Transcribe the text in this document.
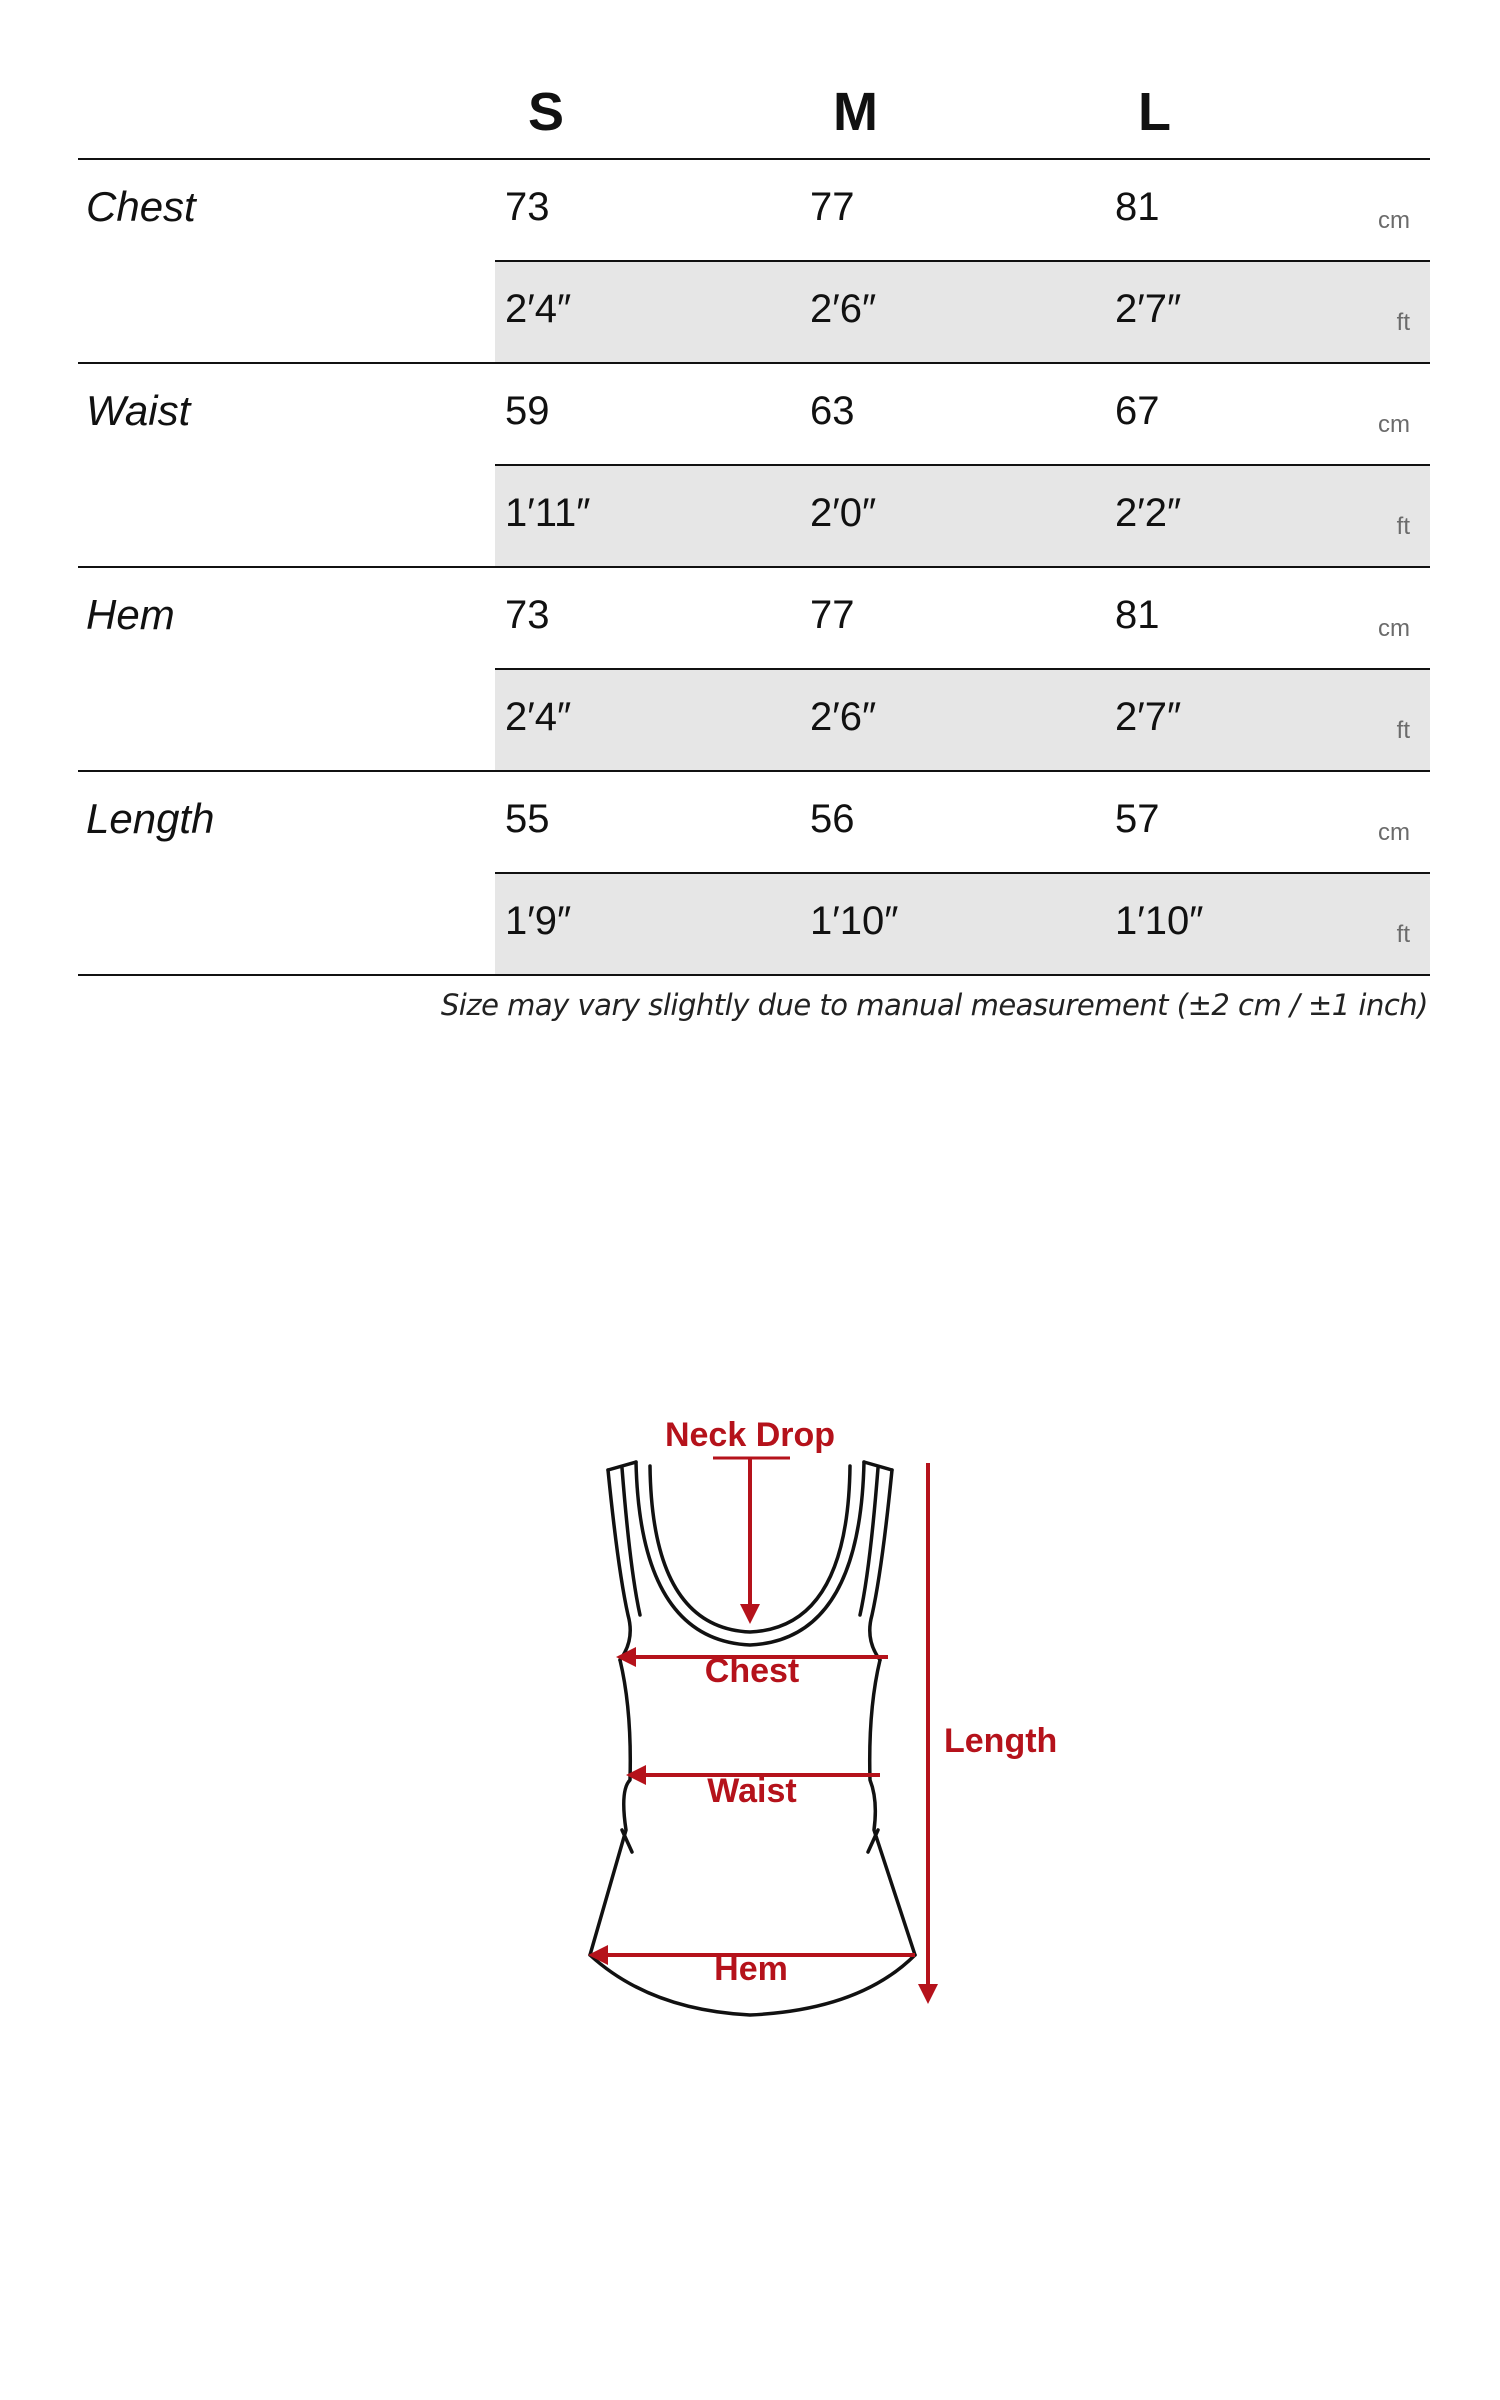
S	M	L
Chest	73	77	81	cm
2′4″	2′6″	2′7″	ft
Waist	59	63	67	cm
1′11″	2′0″	2′2″	ft
Hem	73	77	81	cm
2′4″	2′6″	2′7″	ft
Length	55	56	57	cm
1′9″	1′10″	1′10″	ft
Size may vary slightly due to manual measurement (±2 cm / ±1 inch)
Neck Drop
Chest
Waist
Hem
Length
